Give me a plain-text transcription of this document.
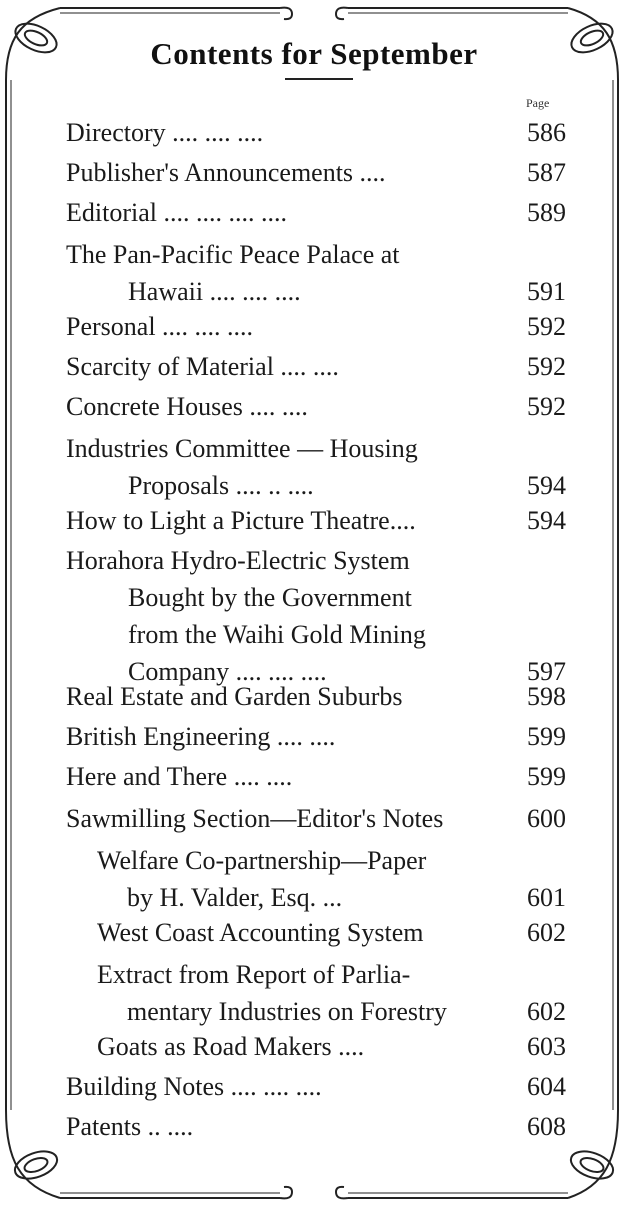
Contents for September
Page
Directory .... .... ....	586
Publisher's Announcements ....	587
Editorial .... .... .... ....	589
The Pan-Pacific Peace Palace at
Hawaii .... .... ....	591
Personal .... .... ....	592
Scarcity of Material .... ....	592
Concrete Houses .... ....	592
Industries Committee — Housing
Proposals .... .. ....	594
How to Light a Picture Theatre....	594
Horahora Hydro-Electric System
Bought by the Government
from the Waihi Gold Mining
Company .... .... ....	597
Real Estate and Garden Suburbs	598
British Engineering .... ....	599
Here and There .... ....	599
Sawmilling Section—Editor's Notes	600
Welfare Co-partnership—Paper
by H. Valder, Esq. ...	601
West Coast Accounting System	602
Extract from Report of Parlia-
mentary Industries on Forestry	602
Goats as Road Makers ....	603
Building Notes .... .... ....	604
Patents .. ....	608
